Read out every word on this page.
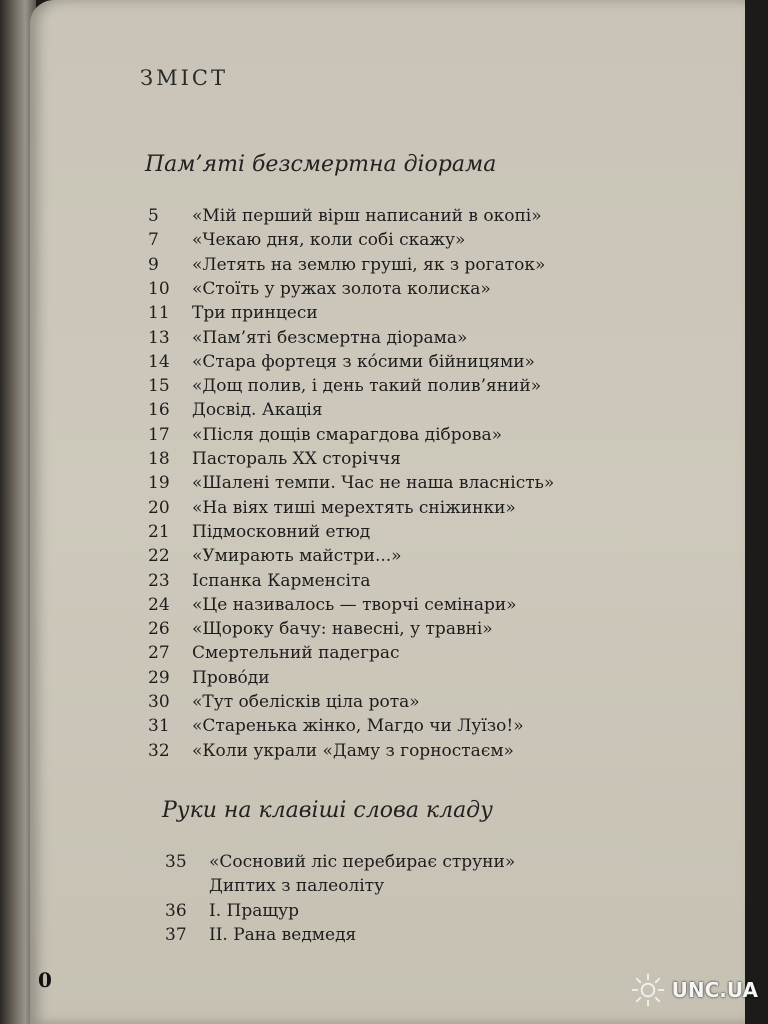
ЗМІСТ
Пам’яті безсмертна діорама
5	«Мій перший вірш написаний в окопі»
7	«Чекаю дня, коли собі скажу»
9	«Летять на землю груші, як з рогаток»
10	«Стоїть у ружах золота колиска»
11	Три принцеси
13	«Пам’яті безсмертна діорама»
14	«Стара фортеця з ко́сими бійницями»
15	«Дощ полив, і день такий полив’яний»
16	Досвід. Акація
17	«Після дощів смарагдова діброва»
18	Пастораль ХХ сторіччя
19	«Шалені темпи. Час не наша власність»
20	«На віях тиші мерехтять сніжинки»
21	Підмосковний етюд
22	«Умирають майстри...»
23	Іспанка Карменсіта
24	«Це називалось — творчі семінари»
26	«Щороку бачу: навесні, у травні»
27	Смертельний падеграс
29	Прово́ди
30	«Тут обелісків ціла рота»
31	«Старенька жінко, Магдо чи Луїзо!»
32	«Коли украли «Даму з горностаєм»
Руки на клавіші слова кладу
35	«Сосновий ліс перебирає струни»
Диптих з палеоліту
36	І. Пращур
37	ІІ. Рана ведмедя
0	UNC.UA
